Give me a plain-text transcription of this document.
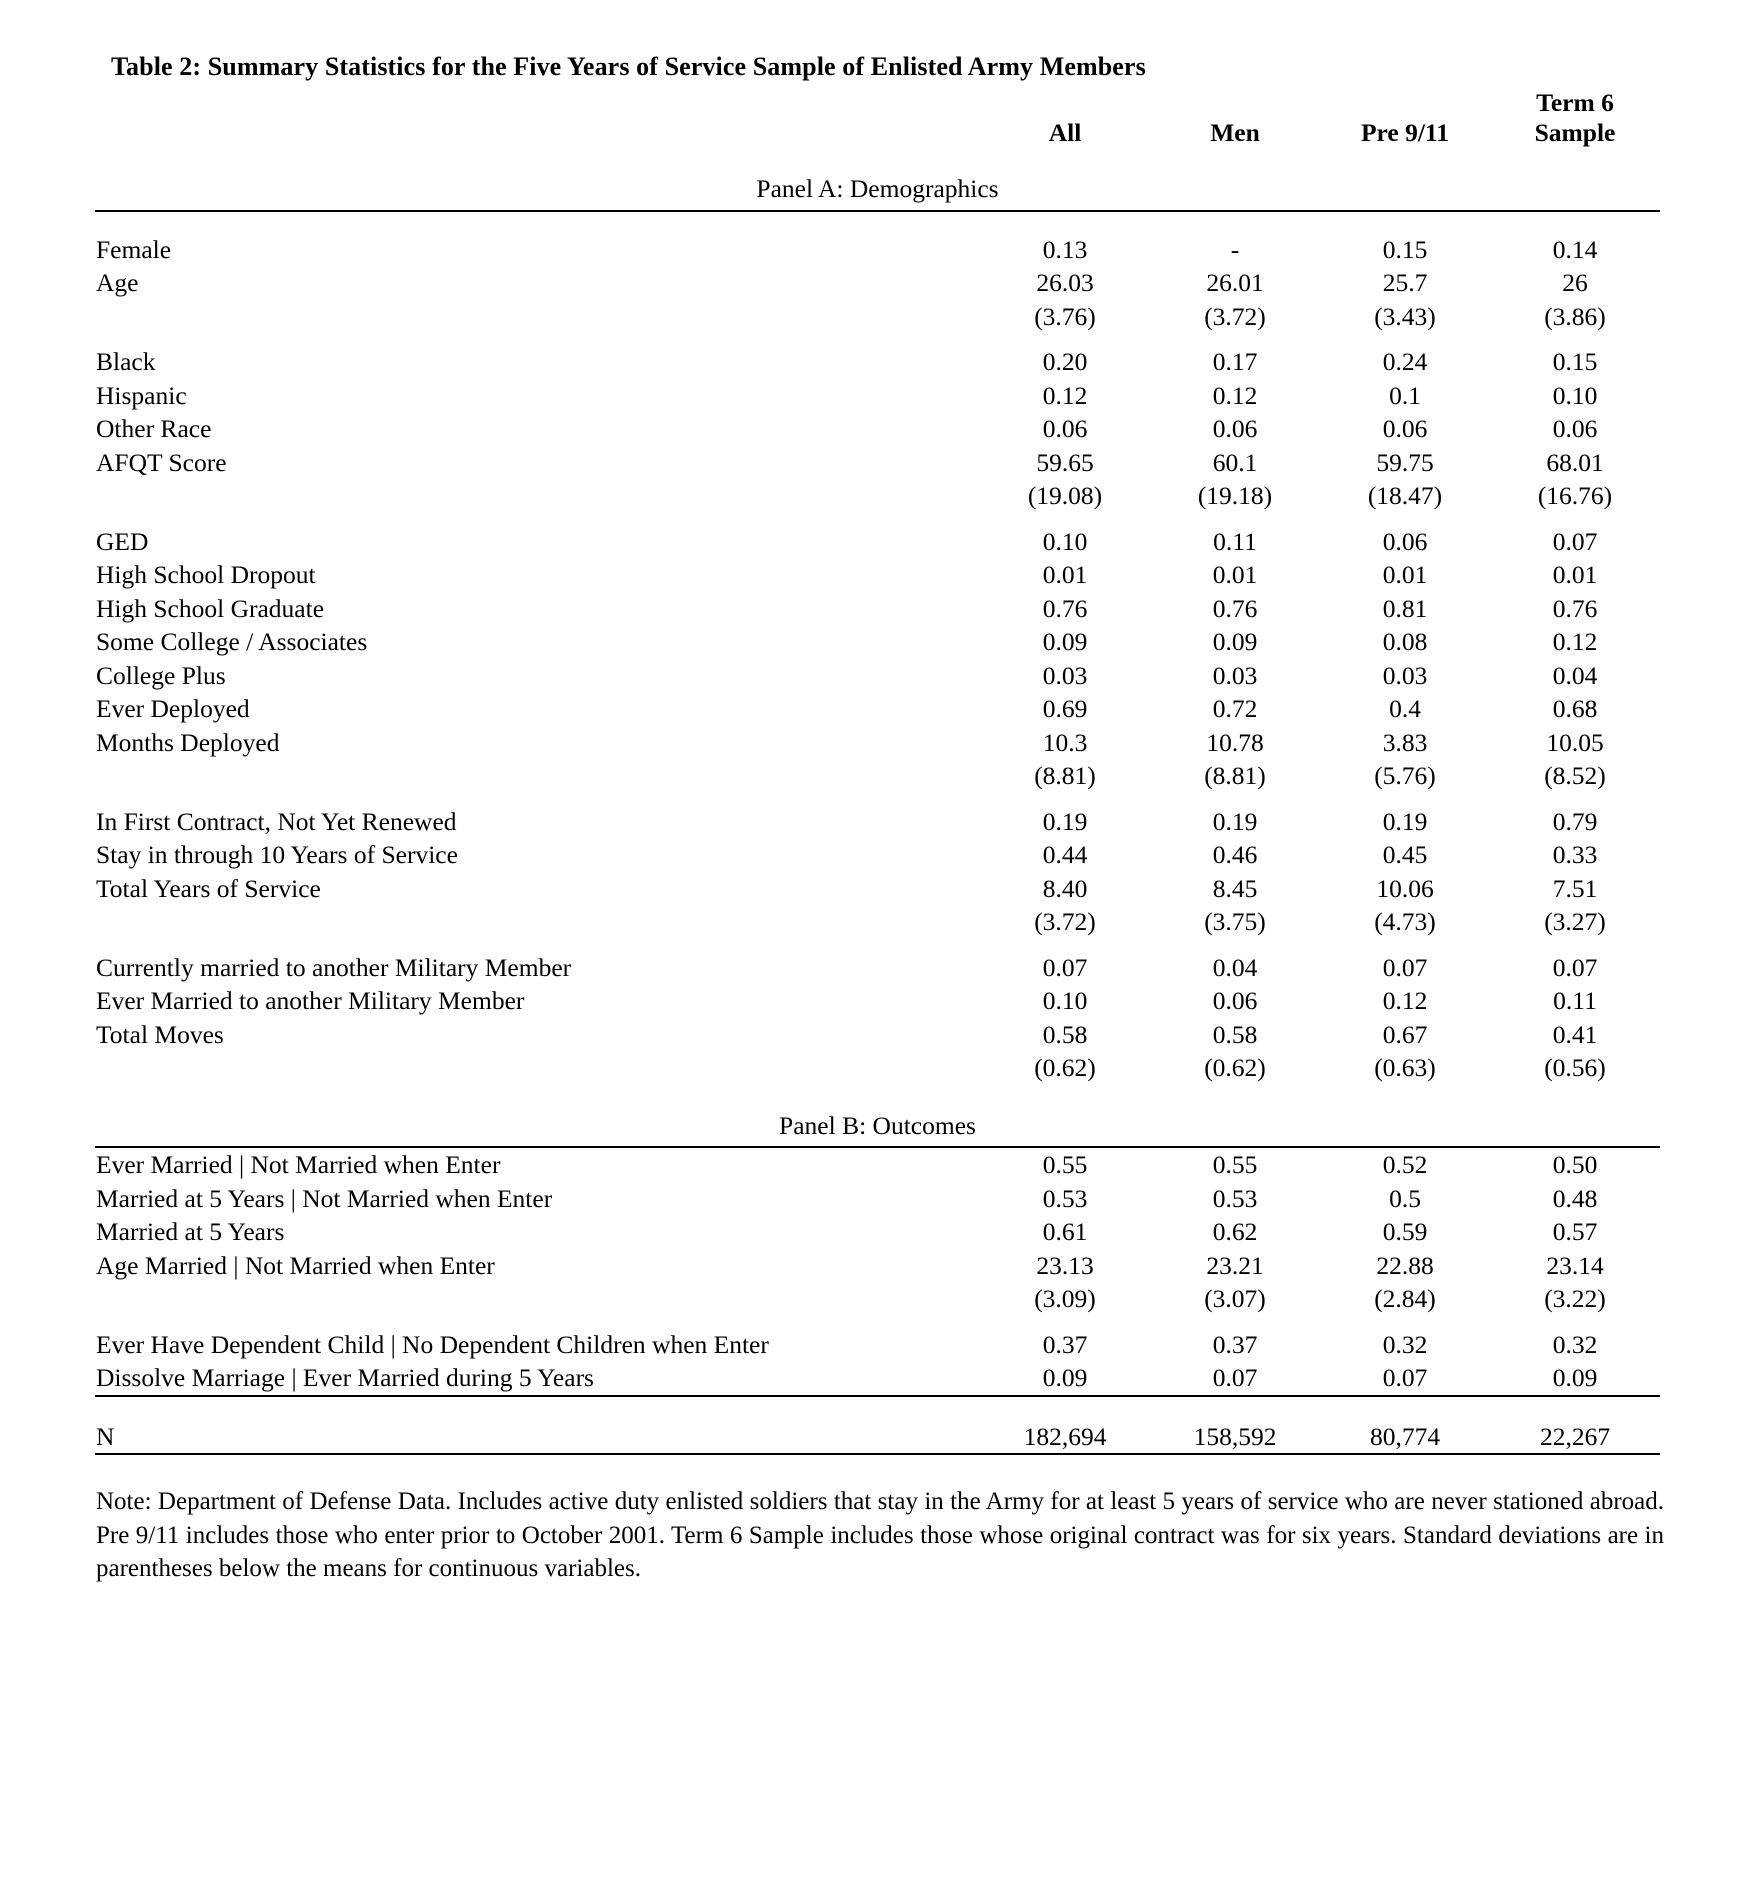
Table 2: Summary Statistics for the Five Years of Service Sample of Enlisted Army Members

	All	Men	Pre 9/11	Term 6
Sample

Panel A: Demographics				

Female	0.13	-	0.15	0.14
Age	26.03	26.01	25.7	26
	(3.76)	(3.72)	(3.43)	(3.86)

Black	0.20	0.17	0.24	0.15
Hispanic	0.12	0.12	0.1	0.10
Other Race	0.06	0.06	0.06	0.06
AFQT Score	59.65	60.1	59.75	68.01
	(19.08)	(19.18)	(18.47)	(16.76)

GED	0.10	0.11	0.06	0.07
High School Dropout	0.01	0.01	0.01	0.01
High School Graduate	0.76	0.76	0.81	0.76
Some College / Associates	0.09	0.09	0.08	0.12
College Plus	0.03	0.03	0.03	0.04
Ever Deployed	0.69	0.72	0.4	0.68
Months Deployed	10.3	10.78	3.83	10.05
	(8.81)	(8.81)	(5.76)	(8.52)

In First Contract, Not Yet Renewed	0.19	0.19	0.19	0.79
Stay in through 10 Years of Service	0.44	0.46	0.45	0.33
Total Years of Service	8.40	8.45	10.06	7.51
	(3.72)	(3.75)	(4.73)	(3.27)

Currently married to another Military Member	0.07	0.04	0.07	0.07
Ever Married to another Military Member	0.10	0.06	0.12	0.11
Total Moves	0.58	0.58	0.67	0.41
	(0.62)	(0.62)	(0.63)	(0.56)

Panel B: Outcomes				
Ever Married | Not Married when Enter	0.55	0.55	0.52	0.50
Married at 5 Years | Not Married when Enter	0.53	0.53	0.5	0.48
Married at 5 Years	0.61	0.62	0.59	0.57
Age Married | Not Married when Enter	23.13	23.21	22.88	23.14
	(3.09)	(3.07)	(2.84)	(3.22)

Ever Have Dependent Child | No Dependent Children when Enter	0.37	0.37	0.32	0.32
Dissolve Marriage | Ever Married during 5 Years	0.09	0.07	0.07	0.09

N	182,694	158,592	80,774	22,267

Note: Department of Defense Data. Includes active duty enlisted soldiers that stay in the Army for at least 5 years of service who are never stationed abroad. Pre 9/11 includes those who enter prior to October 2001. Term 6 Sample includes those whose original contract was for six years. Standard deviations are in parentheses below the means for continuous variables.
